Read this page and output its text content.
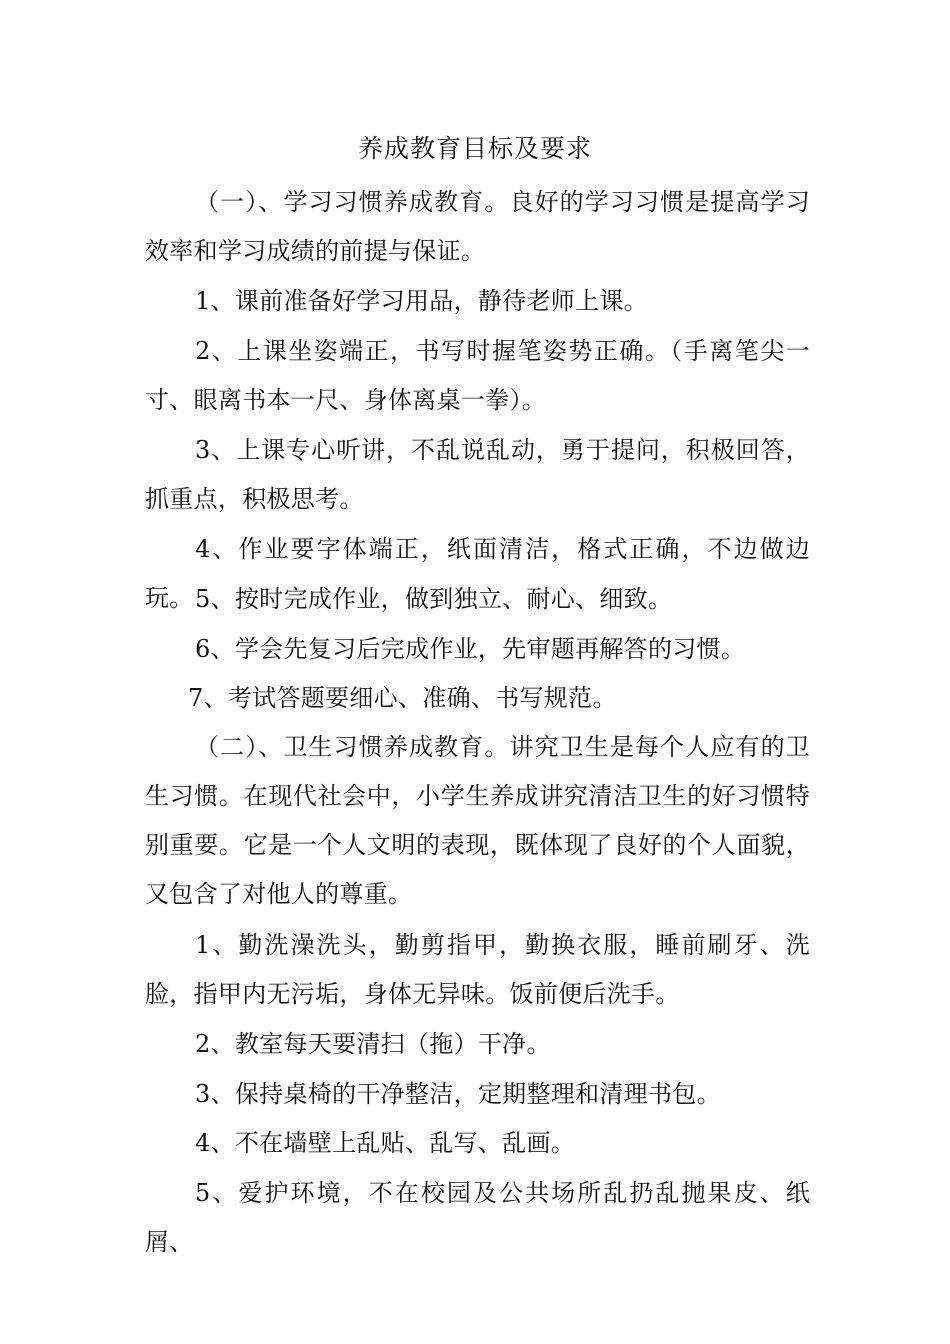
养成教育目标及要求

（一）、学习习惯养成教育。良好的学习习惯是提高学习效率和学习成绩的前提与保证。

1、课前准备好学习用品，静待老师上课。

2、上课坐姿端正，书写时握笔姿势正确。（手离笔尖一寸、眼离书本一尺、身体离桌一拳）。

3、上课专心听讲，不乱说乱动，勇于提问，积极回答，抓重点，积极思考。

4、作业要字体端正，纸面清洁，格式正确，不边做边玩。 5、按时完成作业，做到独立、耐心、细致。

6、学会先复习后完成作业，先审题再解答的习惯。

7、考试答题要细心、准确、书写规范。

（二）、卫生习惯养成教育。讲究卫生是每个人应有的卫生习惯。在现代社会中，小学生养成讲究清洁卫生的好习惯特别重要。它是一个人文明的表现，既体现了良好的个人面貌，又包含了对他人的尊重。

1、勤洗澡洗头，勤剪指甲，勤换衣服，睡前刷牙、洗脸，指甲内无污垢，身体无异味。饭前便后洗手。

2、教室每天要清扫（拖）干净。

3、保持桌椅的干净整洁，定期整理和清理书包。

4、不在墙壁上乱贴、乱写、乱画。

5、爱护环境，不在校园及公共场所乱扔乱抛果皮、纸屑、
